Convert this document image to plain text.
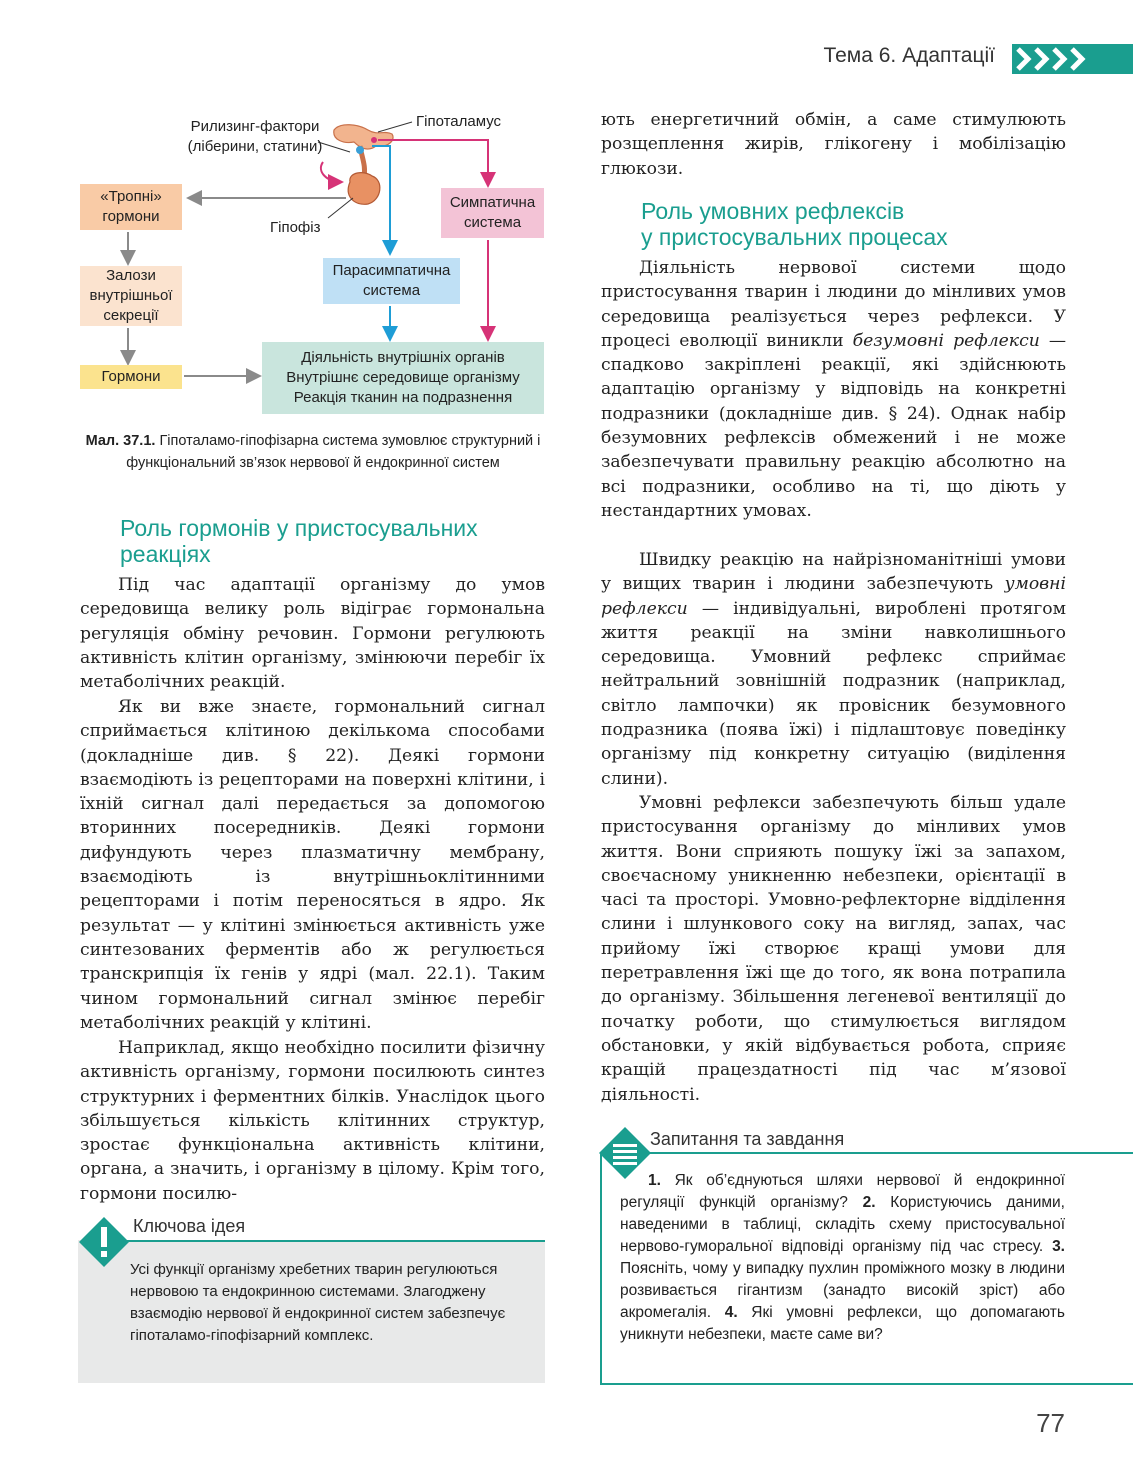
Тема 6. Адаптації
Рилизинг-фактори (ліберини, статини)
Гіпоталамус
Гіпофіз
«Тропні» гормони
Залози внутрішньої секреції
Гормони
Симпатична система
Парасимпатична система
Діяльність внутрішніх органів
Внутрішнє середовище організму
Реакція тканин на подразнення
Мал. 37.1. Гіпоталамо-гіпофізарна система зумовлює структурний і функціональний зв’язок нервової й ендокринної систем
Роль гормонів у пристосувальних
реакціях
Під час адаптації організму до умов середовища велику роль відіграє гормональна регуляція обміну речовин. Гормони регулюють активність клітин організму, змінюючи перебіг їх метаболічних реакцій.
Як ви вже знаєте, гормональний сигнал сприймається клітиною декількома способами (докладніше див. § 22). Деякі гормони взаємодіють із рецепторами на поверхні клітини, і їхній сигнал далі передається за допомогою вторинних посередників. Деякі гормони дифундують через плазматичну мембрану, взаємодіють із внутрішньоклітинними рецепторами і потім переносяться в ядро. Як результат — у клітині змінюється активність уже синтезованих ферментів або ж регулюється транскрипція їх генів у ядрі (мал. 22.1). Таким чином гормональний сигнал змінює перебіг метаболічних реакцій у клітині.
Наприклад, якщо необхідно посилити фізичну активність організму, гормони посилюють синтез структурних і ферментних білків. Унаслідок цього збільшується кількість клітинних структур, зростає функціональна активність клітини, органа, а значить, і організму в цілому. Крім того, гормони посилю-
Ключова ідея
Усі функції організму хребетних тварин регулюються нервовою та ендокринною системами. Злагоджену взаємодію нервової й ендокринної систем забезпечує гіпоталамо-гіпофізарний комплекс.
ють енергетичний обмін, а саме стимулюють розщеплення жирів, глікогену і мобілізацію глюкози.
Роль умовних рефлексів
у пристосувальних процесах
Діяльність нервової системи щодо пристосування тварин і людини до мінливих умов середовища реалізується через рефлекси. У процесі еволюції виникли безумовні рефлекси — спадково закріплені реакції, які здійснюють адаптацію організму у відповідь на конкретні подразники (докладніше див. § 24). Однак набір безумовних рефлексів обмежений і не може забезпечувати правильну реакцію абсолютно на всі подразники, особливо на ті, що діють у нестандартних умовах.
Швидку реакцію на найрізноманітніші умови у вищих тварин і людини забезпечують умовні рефлекси — індивідуальні, вироблені протягом життя реакції на зміни навколишнього середовища. Умовний рефлекс сприймає нейтральний зовнішній подразник (наприклад, світло лампочки) як провісник безумовного подразника (поява їжі) і підлаштовує поведінку організму під конкретну ситуацію (виділення слини).
Умовні рефлекси забезпечують більш удале пристосування організму до мінливих умов життя. Вони сприяють пошуку їжі за запахом, своєчасному уникненню небезпеки, орієнтації в часі та просторі. Умовно-рефлекторне відділення слини і шлункового соку на вигляд, запах, час прийому їжі створює кращі умови для перетравлення їжі ще до того, як вона потрапила до організму. Збільшення легеневої вентиляції до початку роботи, що стимулюється виглядом обстановки, у якій відбувається робота, сприяє кращій працездатності під час м’язової діяльності.
Запитання та завдання
1. Як об’єднуються шляхи нервової й ендокринної регуляції функцій організму? 2. Користуючись даними, наведеними в таблиці, складіть схему пристосувальної нервово-гуморальної відповіді організму під час стресу. 3. Поясніть, чому у випадку пухлин проміжного мозку в людини розвивається гігантизм (занадто високій зріст) або акромегалія. 4. Які умовні рефлекси, що допомагають уникнути небезпеки, маєте саме ви?
77
